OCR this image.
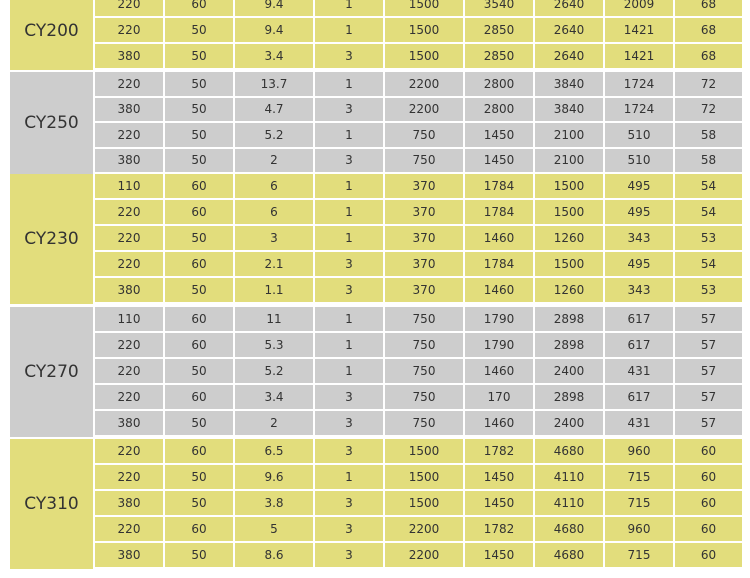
CY200
220	60	9.4	1	1500	3540	2640	2009	68
220	50	9.4	1	1500	2850	2640	1421	68
380	50	3.4	3	1500	2850	2640	1421	68
CY250
220	50	13.7	1	2200	2800	3840	1724	72
380	50	4.7	3	2200	2800	3840	1724	72
220	50	5.2	1	750	1450	2100	510	58
380	50	2	3	750	1450	2100	510	58
CY230
110	60	6	1	370	1784	1500	495	54
220	60	6	1	370	1784	1500	495	54
220	50	3	1	370	1460	1260	343	53
220	60	2.1	3	370	1784	1500	495	54
380	50	1.1	3	370	1460	1260	343	53
CY270
110	60	11	1	750	1790	2898	617	57
220	60	5.3	1	750	1790	2898	617	57
220	50	5.2	1	750	1460	2400	431	57
220	60	3.4	3	750	170	2898	617	57
380	50	2	3	750	1460	2400	431	57
CY310
220	60	6.5	3	1500	1782	4680	960	60
220	50	9.6	1	1500	1450	4110	715	60
380	50	3.8	3	1500	1450	4110	715	60
220	60	5	3	2200	1782	4680	960	60
380	50	8.6	3	2200	1450	4680	715	60
